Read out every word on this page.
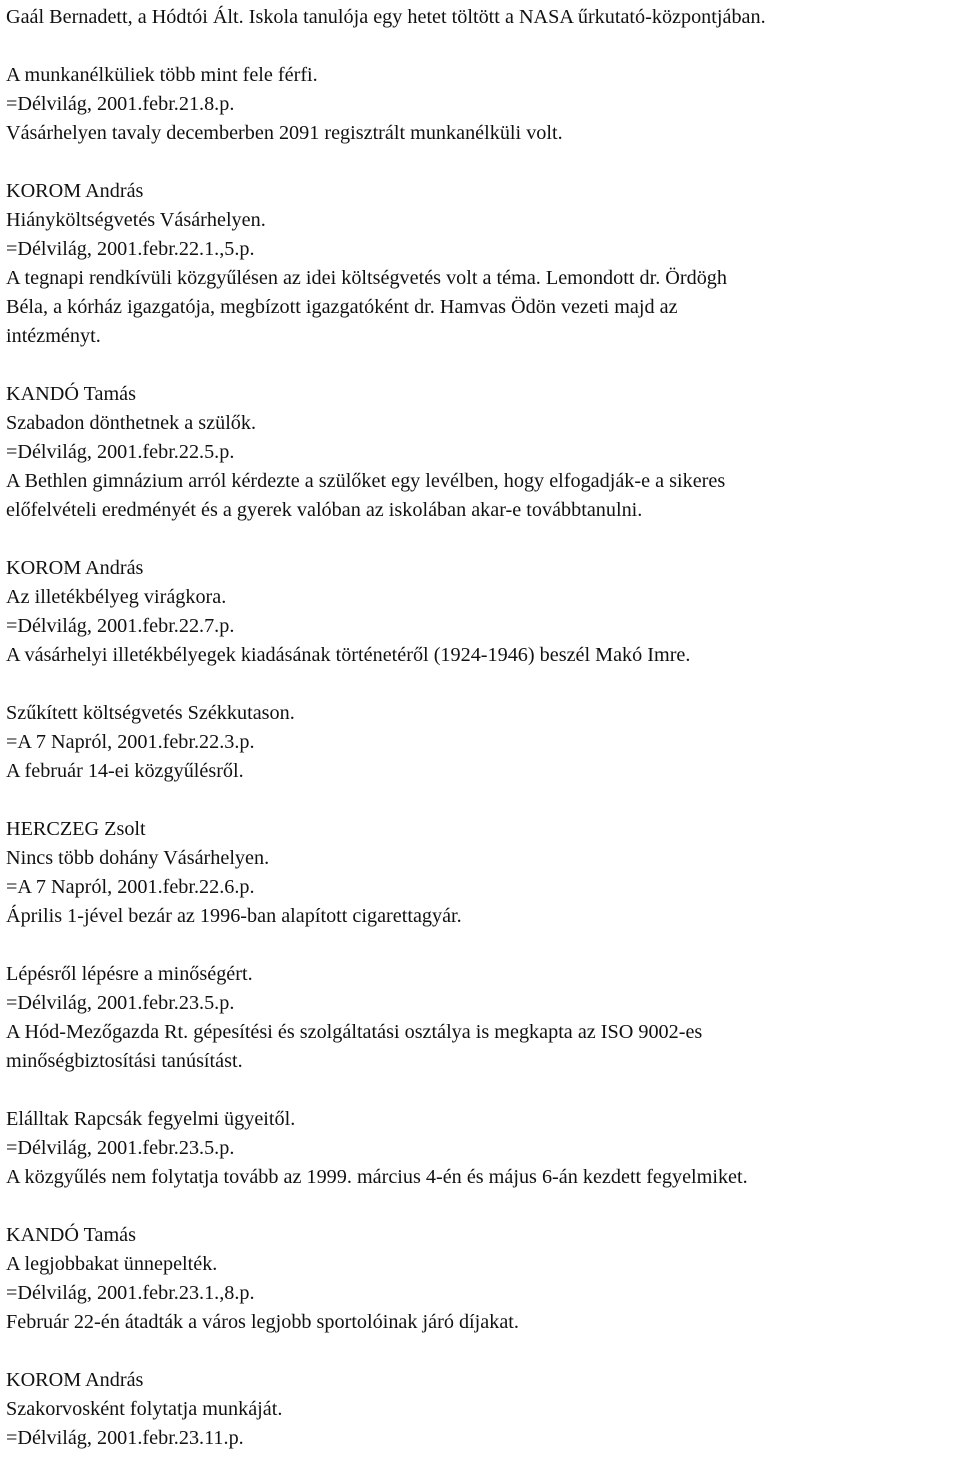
Gaál Bernadett, a Hódtói Ált. Iskola tanulója egy hetet töltött a NASA űrkutató-központjában.
A munkanélküliek több mint fele férfi.
=Délvilág, 2001.febr.21.8.p.
Vásárhelyen tavaly decemberben 2091 regisztrált munkanélküli volt.
KOROM András
Hiányköltségvetés Vásárhelyen.
=Délvilág, 2001.febr.22.1.,5.p.
A tegnapi rendkívüli közgyűlésen az idei költségvetés volt a téma. Lemondott dr. Ördögh
Béla, a kórház igazgatója, megbízott igazgatóként dr. Hamvas Ödön vezeti majd az
intézményt.
KANDÓ Tamás
Szabadon dönthetnek a szülők.
=Délvilág, 2001.febr.22.5.p.
A Bethlen gimnázium arról kérdezte a szülőket egy levélben, hogy elfogadják-e a sikeres
előfelvételi eredményét és a gyerek valóban az iskolában akar-e továbbtanulni.
KOROM András
Az illetékbélyeg virágkora.
=Délvilág, 2001.febr.22.7.p.
A vásárhelyi illetékbélyegek kiadásának történetéről (1924-1946) beszél Makó Imre.
Szűkített költségvetés Székkutason.
=A 7 Napról, 2001.febr.22.3.p.
A február 14-ei közgyűlésről.
HERCZEG Zsolt
Nincs több dohány Vásárhelyen.
=A 7 Napról, 2001.febr.22.6.p.
Április 1-jével bezár az 1996-ban alapított cigarettagyár.
Lépésről lépésre a minőségért.
=Délvilág, 2001.febr.23.5.p.
A Hód-Mezőgazda Rt. gépesítési és szolgáltatási osztálya is megkapta az ISO 9002-es
minőségbiztosítási tanúsítást.
Elálltak Rapcsák fegyelmi ügyeitől.
=Délvilág, 2001.febr.23.5.p.
A közgyűlés nem folytatja tovább az 1999. március 4-én és május 6-án kezdett fegyelmiket.
KANDÓ Tamás
A legjobbakat ünnepelték.
=Délvilág, 2001.febr.23.1.,8.p.
Február 22-én átadták a város legjobb sportolóinak járó díjakat.
KOROM András
Szakorvosként folytatja munkáját.
=Délvilág, 2001.febr.23.11.p.
